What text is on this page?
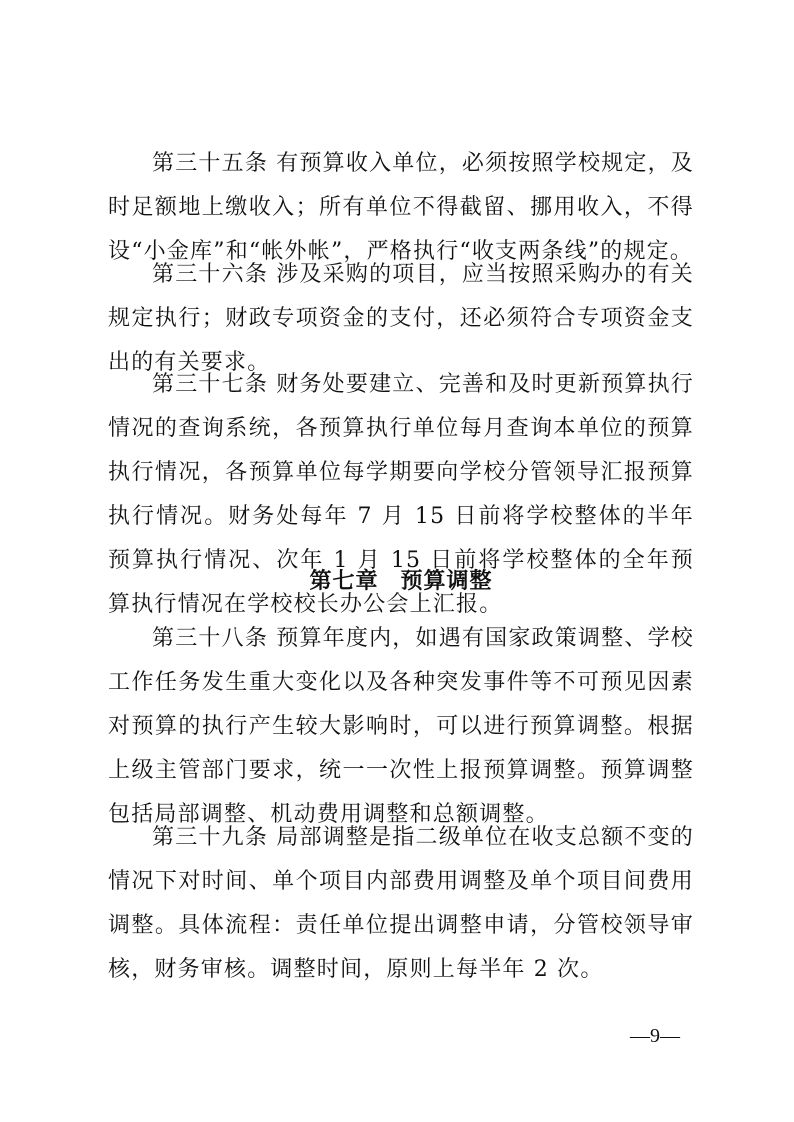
第三十五条 有预算收入单位，必须按照学校规定，及时足额地上缴收入；所有单位不得截留、挪用收入，不得设“小金库”和“帐外帐”，严格执行“收支两条线”的规定。

第三十六条 涉及采购的项目，应当按照采购办的有关规定执行；财政专项资金的支付，还必须符合专项资金支出的有关要求。

第三十七条 财务处要建立、完善和及时更新预算执行情况的查询系统，各预算执行单位每月查询本单位的预算执行情况，各预算单位每学期要向学校分管领导汇报预算执行情况。财务处每年 7 月 15 日前将学校整体的半年预算执行情况、次年 1 月 15 日前将学校整体的全年预算执行情况在学校校长办公会上汇报。

第七章 预算调整

第三十八条 预算年度内，如遇有国家政策调整、学校工作任务发生重大变化以及各种突发事件等不可预见因素对预算的执行产生较大影响时，可以进行预算调整。根据上级主管部门要求，统一一次性上报预算调整。预算调整包括局部调整、机动费用调整和总额调整。

第三十九条 局部调整是指二级单位在收支总额不变的情况下对时间、单个项目内部费用调整及单个项目间费用调整。具体流程：责任单位提出调整申请，分管校领导审核，财务审核。调整时间，原则上每半年 2 次。

—9—
